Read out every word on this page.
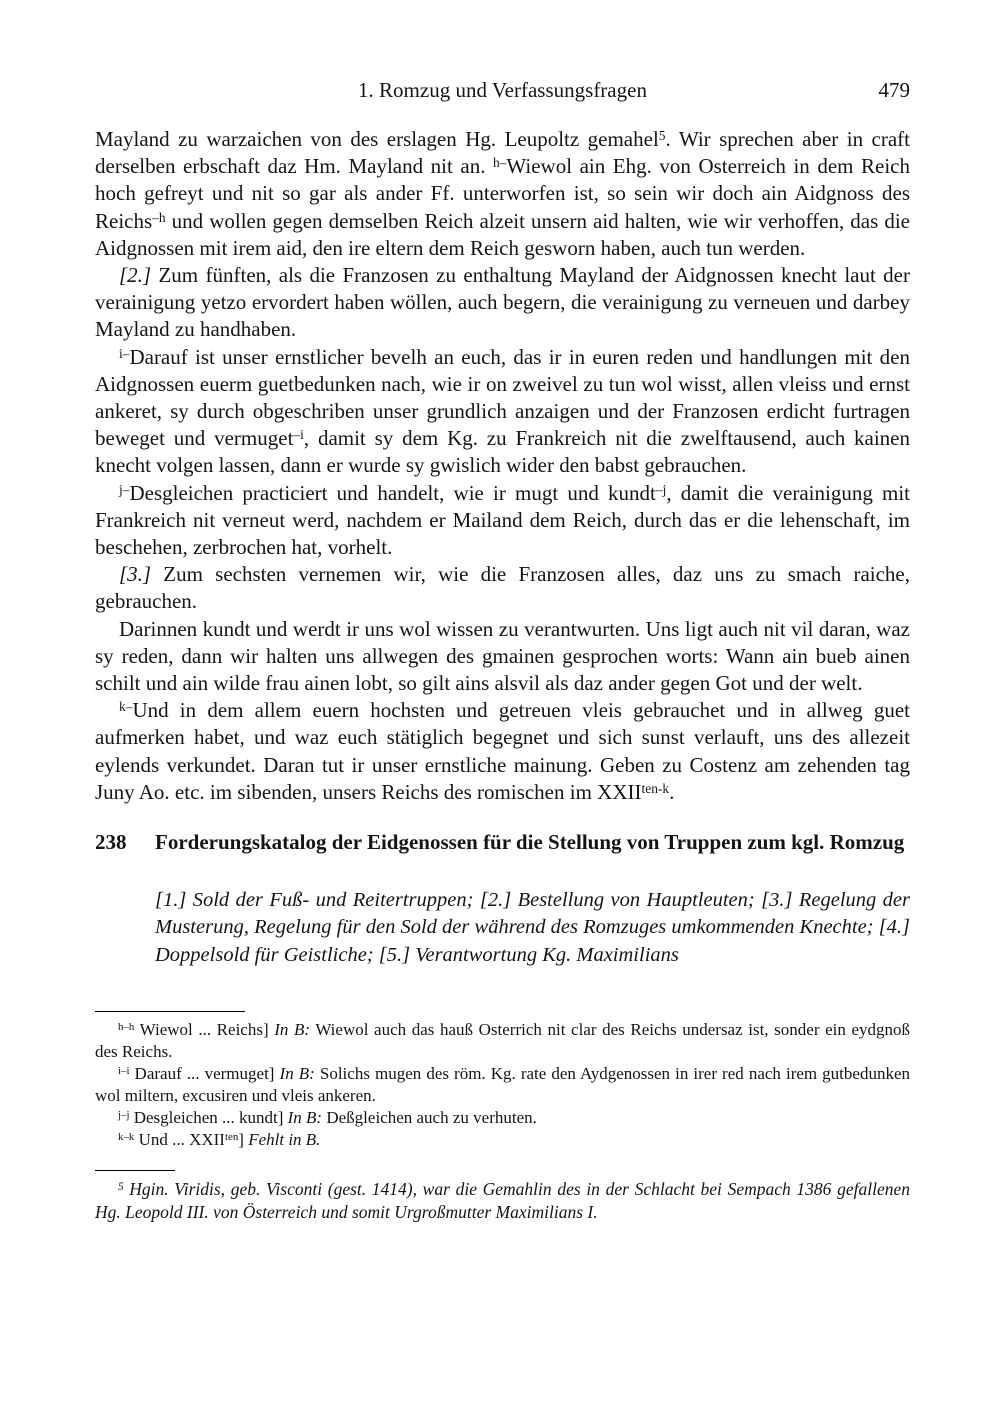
1. Romzug und Verfassungsfragen	479

Mayland zu warzaichen von des erslagen Hg. Leupoltz gemahel$^5$. Wir sprechen aber in craft derselben erbschaft daz Hm. Mayland nit an. $^{h-}$Wiewol ain Ehg. von Osterreich in dem Reich hoch gefreyt und nit so gar als ander Ff. unterworfen ist, so sein wir doch ain Aidgnoss des Reichs$^{-h}$ und wollen gegen demselben Reich alzeit unsern aid halten, wie wir verhoffen, das die Aidgnossen mit irem aid, den ire eltern dem Reich gesworn haben, auch tun werden.

[2.] Zum fünften, als die Franzosen zu enthaltung Mayland der Aidgnossen knecht laut der verainigung yetzo ervordert haben wöllen, auch begern, die verainigung zu verneuen und darbey Mayland zu handhaben.

$^{i-}$Darauf ist unser ernstlicher bevelh an euch, das ir in euren reden und handlungen mit den Aidgnossen euerm guetbedunken nach, wie ir on zweivel zu tun wol wisst, allen vleiss und ernst ankeret, sy durch obgeschriben unser grundlich anzaigen und der Franzosen erdicht furtragen beweget und vermuget$^{-i}$, damit sy dem Kg. zu Frankreich nit die zwelftausend, auch kainen knecht volgen lassen, dann er wurde sy gwislich wider den babst gebrauchen.

$^{j-}$Desgleichen practiciert und handelt, wie ir mugt und kundt$^{-j}$, damit die verainigung mit Frankreich nit verneut werd, nachdem er Mailand dem Reich, durch das er die lehenschaft, im beschehen, zerbrochen hat, vorhelt.

[3.] Zum sechsten vernemen wir, wie die Franzosen alles, daz uns zu smach raiche, gebrauchen.

Darinnen kundt und werdt ir uns wol wissen zu verantwurten. Uns ligt auch nit vil daran, waz sy reden, dann wir halten uns allwegen des gmainen gesprochen worts: Wann ain bueb ainen schilt und ain wilde frau ainen lobt, so gilt ains alsvil als daz ander gegen Got und der welt.

$^{k-}$Und in dem allem euern hochsten und getreuen vleis gebrauchet und in allweg guet aufmerken habet, und waz euch stätiglich begegnet und sich sunst verlauft, uns des allezeit eylends verkundet. Daran tut ir unser ernstliche mainung. Geben zu Costenz am zehenden tag Juny Ao. etc. im sibenden, unsers Reichs des romischen im $XXII^{ten-k}$.

238	Forderungskatalog der Eidgenossen für die Stellung von Truppen zum kgl. Romzug

[1.] Sold der Fuß- und Reitertruppen; [2.] Bestellung von Hauptleuten; [3.] Regelung der Musterung, Regelung für den Sold der während des Romzuges umkommenden Knechte; [4.] Doppelsold für Geistliche; [5.] Verantwortung Kg. Maximilians

$^{h-h}$ Wiewol ... Reichs] In B: Wiewol auch das hauß Osterrich nit clar des Reichs undersaz ist, sonder ein eydgnoß des Reichs.

$^{i-i}$ Darauf ... vermuget] In B: Solichs mugen des röm. Kg. rate den Aydgenossen in irer red nach irem gutbedunken wol miltern, excusiren und vleis ankeren.

$^{j-j}$ Desgleichen ... kundt] In B: Deßgleichen auch zu verhuten.

$^{k-k}$ Und ... $XXII^{ten}$] Fehlt in B.

$^5$ Hgin. Viridis, geb. Visconti (gest. 1414), war die Gemahlin des in der Schlacht bei Sempach 1386 gefallenen Hg. Leopold III. von Österreich und somit Urgroßmutter Maximilians I.
